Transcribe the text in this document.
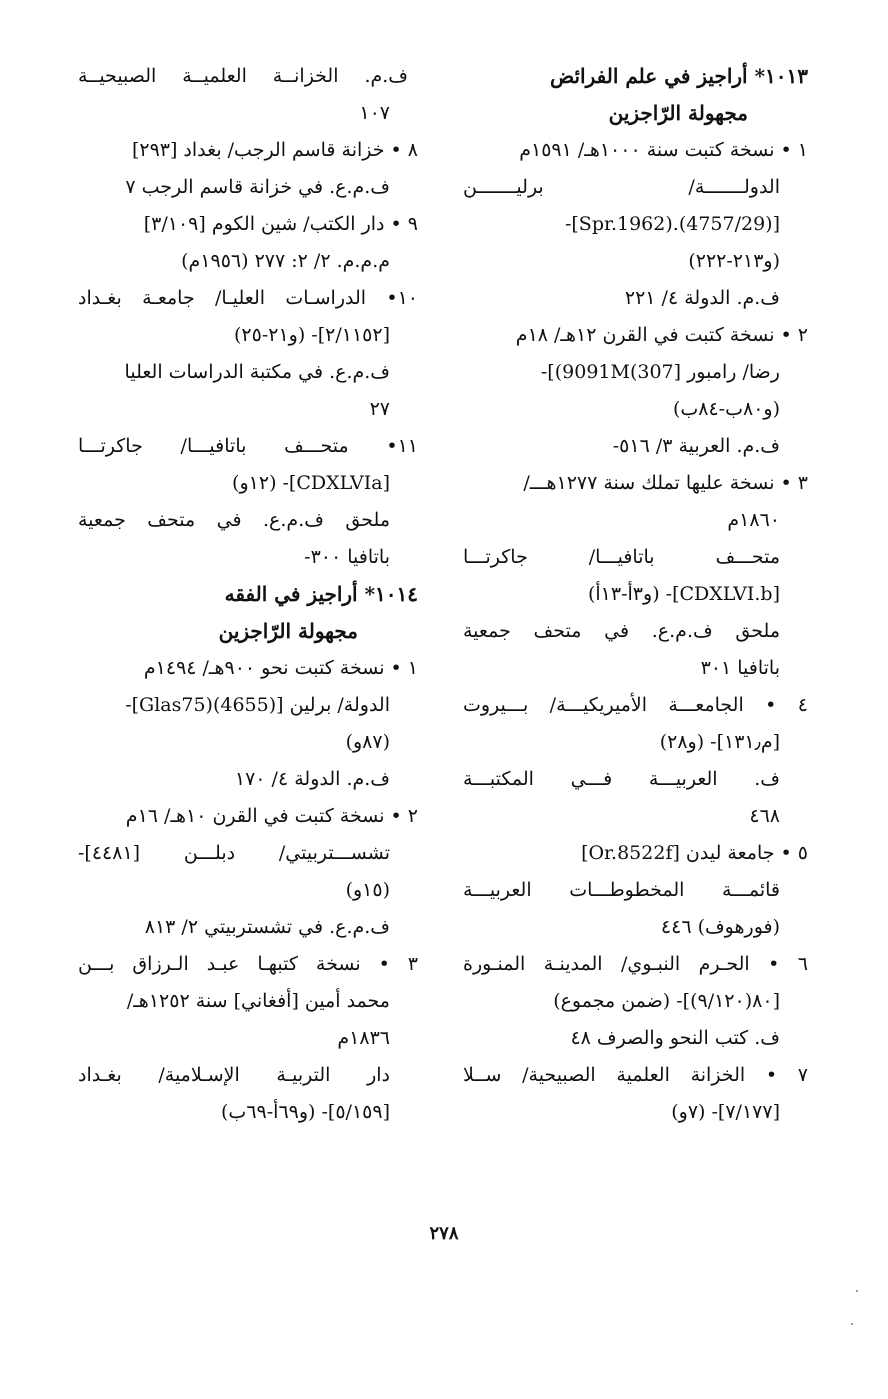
١٠١٣* أراجيز في علم الفرائض
مجهولة الرّاجزين
١ • نسخة كتبت سنة ١٠٠٠هـ/ ١٥٩١م
الدولـــــــة/ برليـــــــن
[Spr.1962).(4757/29)]-
(و٢١٣-٢٢٢)
ف.م. الدولة ٤/ ٢٢١
٢ • نسخة كتبت في القرن ١٢هـ/ ١٨م
رضا/ رامبور [307)9091M)]-
(و٨٠ب-٨٤ب)
ف.م. العربية ٣/ ٥١٦-
٣ • نسخة عليها تملك سنة ١٢٧٧هـــ/
١٨٦٠م
متحـــف باتافيـــا/ جاكرتـــا
[CDXLVI.b]- (و٣أ-١٣أ)
ملحق ف.م.ع. في متحف جمعية
باتافيا ٣٠١
٤ • الجامعـــة الأميريكيـــة/ بـــيروت
[م١٣١٫]- (و٢٨)
ف. العربيـــة فـــي المكتبـــة
٤٦٨
٥ • جامعة ليدن [Or.8522f]
قائمـــة المخطوطـــات العربيـــة
(فورهوف) ٤٤٦
٦ • الحـرم النبـوي/ المدينـة المنـورة
[٨٠(٩/١٢٠)]- (ضمن مجموع)
ف. كتب النحو والصرف ٤٨
٧ • الخزانة العلمية الصبيحية/ ســلا
[٧/١٧٧]- (٧و)
ف.م. الخزانــة العلميــة الصبيحيــة
١٠٧
٨ • خزانة قاسم الرجب/ بغداد [٢٩٣]
ف.م.ع. في خزانة قاسم الرجب ٧
٩ • دار الكتب/ شين الكوم [٣/١٠٩]
م.م.م. ٢/ ٢: ٢٧٧ (١٩٥٦م)
١٠• الدراسـات العليـا/ جامعـة بغـداد
[٢/١١٥٢]- (و٢١-٢٥)
ف.م.ع. في مكتبة الدراسات العليا
٢٧
١١• متحـــف باتافيـــا/ جاكرتـــا
[CDXLVIa]- (١٢و)
ملحق ف.م.ع. في متحف جمعية
باتافيا ٣٠٠-
١٠١٤* أراجيز في الفقه
مجهولة الرّاجزين
١ • نسخة كتبت نحو ٩٠٠هـ/ ١٤٩٤م
الدولة/ برلين [Glas75)(4655)]-
(٨٧و)
ف.م. الدولة ٤/ ١٧٠
٢ • نسخة كتبت في القرن ١٠هـ/ ١٦م
تشســـتربيتي/ دبلـــن [٤٤٨١]-
(١٥و)
ف.م.ع. في تشستربيتي ٢/ ٨١٣
٣ • نسخة كتبهـا عبـد الـرزاق بـــن
محمد أمين [أفغاني] سنة ١٢٥٢هـ/
١٨٣٦م
دار التربيـة الإسـلامية/ بغـداد
[٥/١٥٩]- (و٦٩أ-٦٩ب)
٢٧٨
